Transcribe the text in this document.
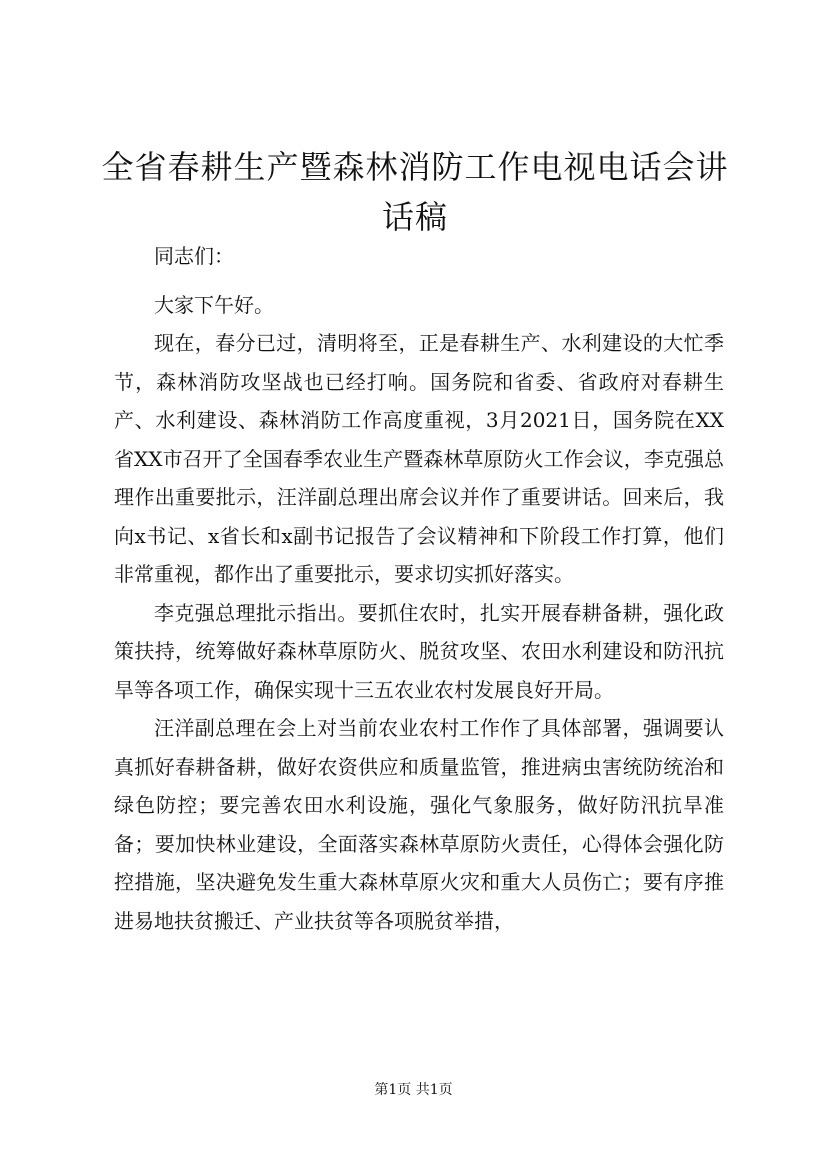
全省春耕生产暨森林消防工作电视电话会讲话稿

同志们：

大家下午好。

现在，春分已过，清明将至，正是春耕生产、水利建设的大忙季节，森林消防攻坚战也已经打响。国务院和省委、省政府对春耕生产、水利建设、森林消防工作高度重视，3月2021日，国务院在XX省XX市召开了全国春季农业生产暨森林草原防火工作会议，李克强总理作出重要批示，汪洋副总理出席会议并作了重要讲话。回来后，我向x书记、x省长和x副书记报告了会议精神和下阶段工作打算，他们非常重视，都作出了重要批示，要求切实抓好落实。

李克强总理批示指出。要抓住农时，扎实开展春耕备耕，强化政策扶持，统筹做好森林草原防火、脱贫攻坚、农田水利建设和防汛抗旱等各项工作，确保实现十三五农业农村发展良好开局。

汪洋副总理在会上对当前农业农村工作作了具体部署，强调要认真抓好春耕备耕，做好农资供应和质量监管，推进病虫害统防统治和绿色防控；要完善农田水利设施，强化气象服务，做好防汛抗旱准备；要加快林业建设，全面落实森林草原防火责任，心得体会强化防控措施，坚决避免发生重大森林草原火灾和重大人员伤亡；要有序推进易地扶贫搬迁、产业扶贫等各项脱贫举措，

第1页 共1页
